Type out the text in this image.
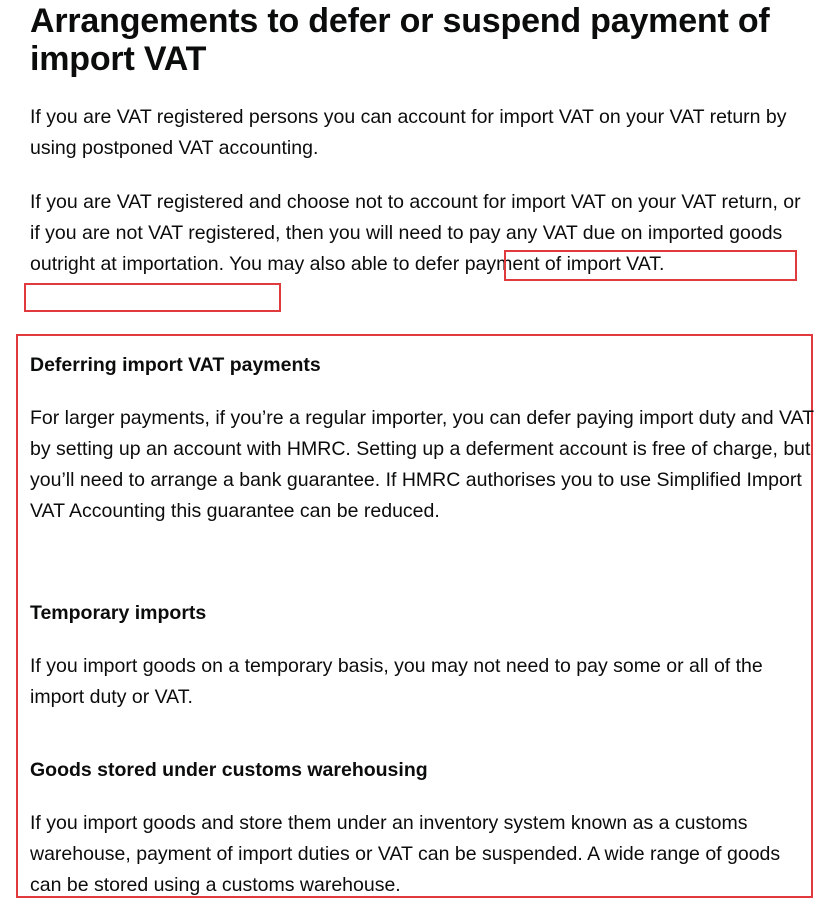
Arrangements to defer or suspend payment of import VAT

If you are VAT registered persons you can account for import VAT on your VAT return by using postponed VAT accounting.

If you are VAT registered and choose not to account for import VAT on your VAT return, or if you are not VAT registered, then you will need to pay any VAT due on imported goods outright at importation. You may also able to defer payment of import VAT.

Deferring import VAT payments

For larger payments, if you’re a regular importer, you can defer paying import duty and VAT by setting up an account with HMRC. Setting up a deferment account is free of charge, but you’ll need to arrange a bank guarantee. If HMRC authorises you to use Simplified Import VAT Accounting this guarantee can be reduced.

Temporary imports

If you import goods on a temporary basis, you may not need to pay some or all of the import duty or VAT.

Goods stored under customs warehousing

If you import goods and store them under an inventory system known as a customs warehouse, payment of import duties or VAT can be suspended. A wide range of goods can be stored using a customs warehouse.
